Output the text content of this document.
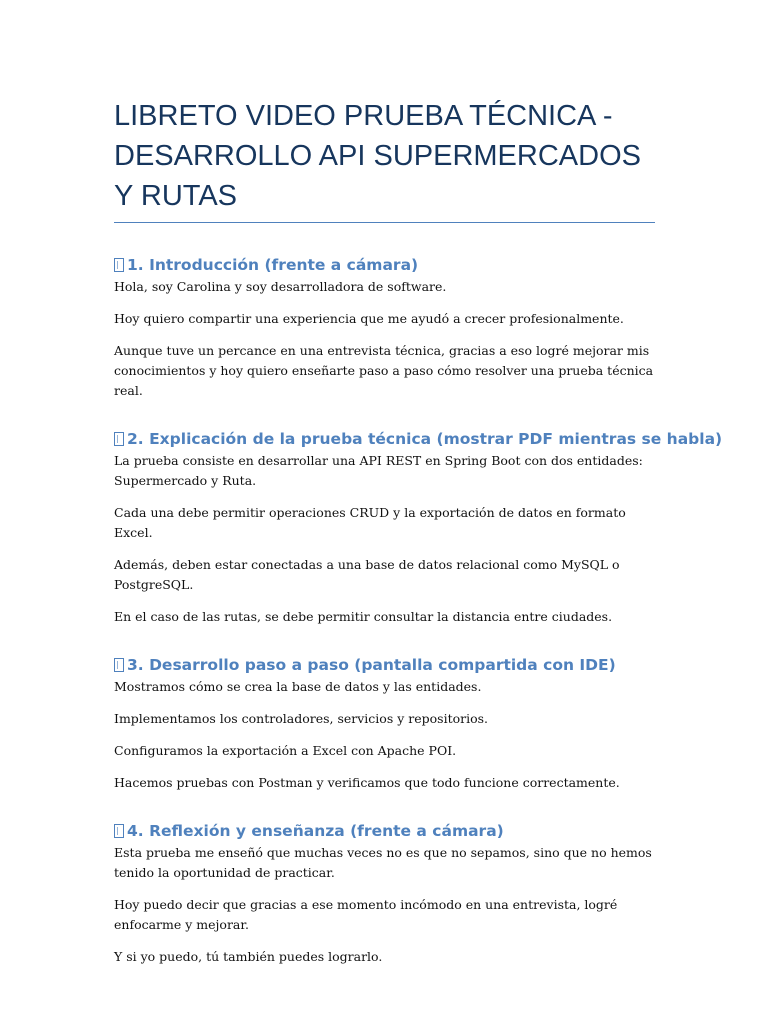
LIBRETO VIDEO PRUEBA TÉCNICA - DESARROLLO API SUPERMERCADOS Y RUTAS
1. Introducción (frente a cámara)

Hola, soy Carolina y soy desarrolladora de software.

Hoy quiero compartir una experiencia que me ayudó a crecer profesionalmente.

Aunque tuve un percance en una entrevista técnica, gracias a eso logré mejorar mis conocimientos y hoy quiero enseñarte paso a paso cómo resolver una prueba técnica real.

2. Explicación de la prueba técnica (mostrar PDF mientras se habla)

La prueba consiste en desarrollar una API REST en Spring Boot con dos entidades: Supermercado y Ruta.

Cada una debe permitir operaciones CRUD y la exportación de datos en formato Excel.

Además, deben estar conectadas a una base de datos relacional como MySQL o PostgreSQL.

En el caso de las rutas, se debe permitir consultar la distancia entre ciudades.

3. Desarrollo paso a paso (pantalla compartida con IDE)

Mostramos cómo se crea la base de datos y las entidades.

Implementamos los controladores, servicios y repositorios.

Configuramos la exportación a Excel con Apache POI.

Hacemos pruebas con Postman y verificamos que todo funcione correctamente.

4. Reflexión y enseñanza (frente a cámara)

Esta prueba me enseñó que muchas veces no es que no sepamos, sino que no hemos tenido la oportunidad de practicar.

Hoy puedo decir que gracias a ese momento incómodo en una entrevista, logré enfocarme y mejorar.

Y si yo puedo, tú también puedes lograrlo.
